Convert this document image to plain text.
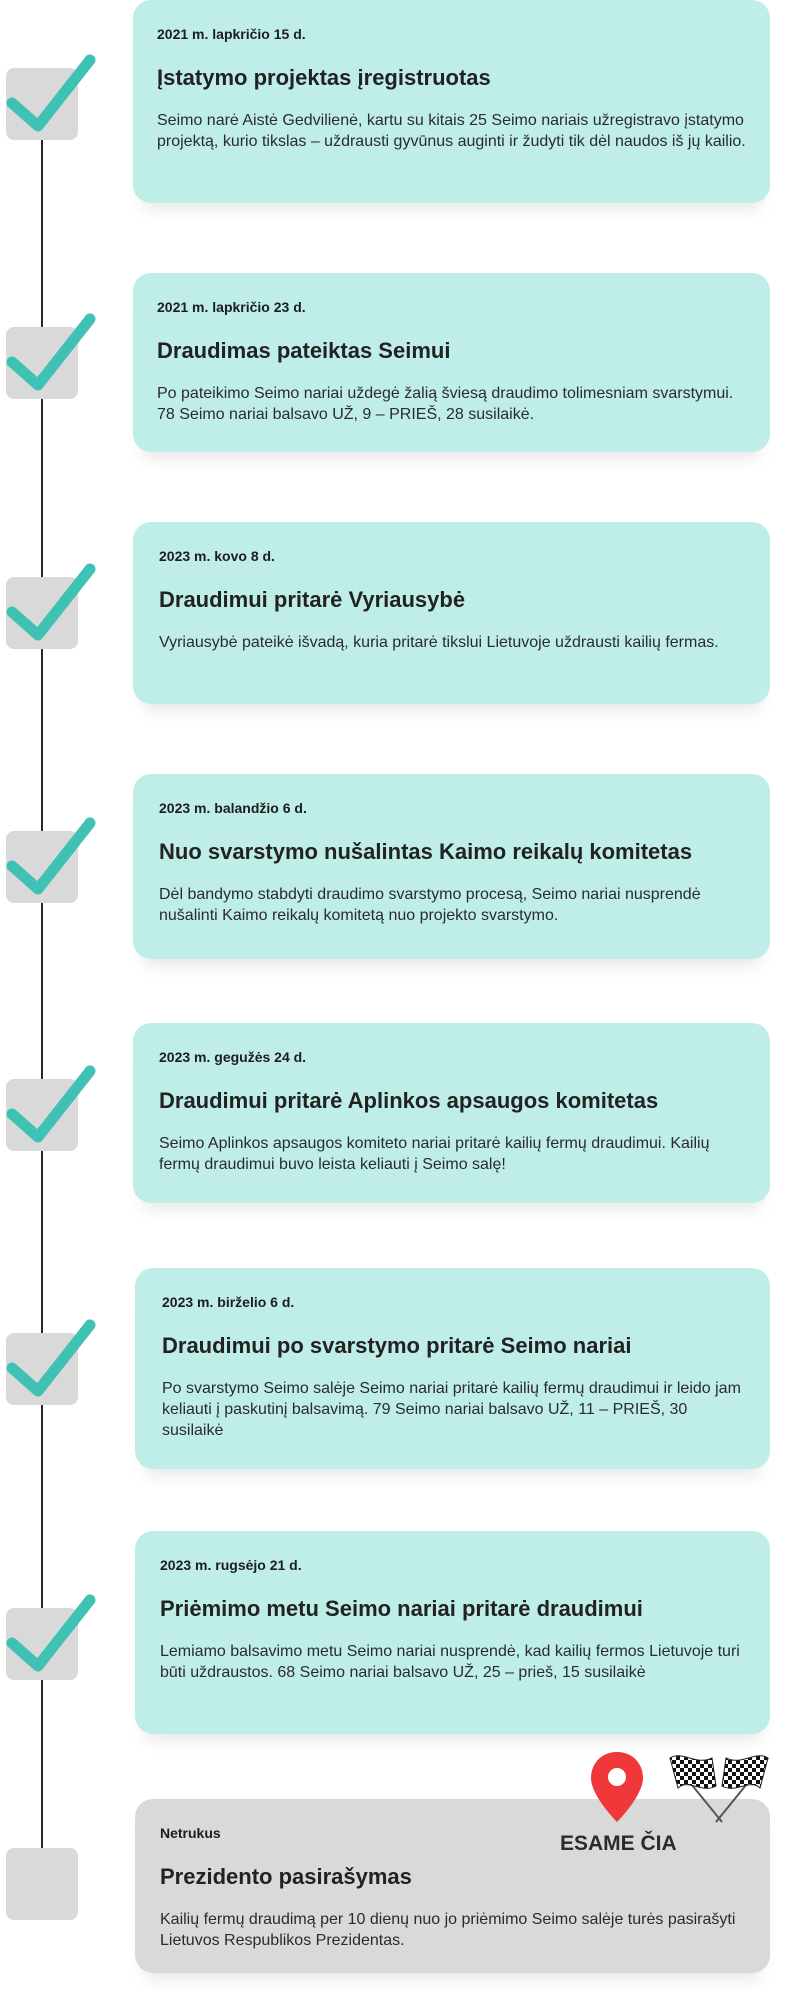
2021 m. lapkričio 15 d.

Įstatymo projektas įregistruotas

Seimo narė Aistė Gedvilienė, kartu su kitais 25 Seimo nariais užregistravo įstatymo projektą, kurio tikslas – uždrausti gyvūnus auginti ir žudyti tik dėl naudos iš jų kailio.

2021 m. lapkričio 23 d.

Draudimas pateiktas Seimui

Po pateikimo Seimo nariai uždegė žalią šviesą draudimo tolimesniam svarstymui. 78 Seimo nariai balsavo UŽ, 9 – PRIEŠ, 28 susilaikė.

2023 m. kovo 8 d.

Draudimui pritarė Vyriausybė

Vyriausybė pateikė išvadą, kuria pritarė tikslui Lietuvoje uždrausti kailių fermas.

2023 m. balandžio 6 d.

Nuo svarstymo nušalintas Kaimo reikalų komitetas

Dėl bandymo stabdyti draudimo svarstymo procesą, Seimo nariai nusprendė nušalinti Kaimo reikalų komitetą nuo projekto svarstymo.

2023 m. gegužės 24 d.

Draudimui pritarė Aplinkos apsaugos komitetas

Seimo Aplinkos apsaugos komiteto nariai pritarė kailių fermų draudimui. Kailių fermų draudimui buvo leista keliauti į Seimo salę!

2023 m. birželio 6 d.

Draudimui po svarstymo pritarė Seimo nariai

Po svarstymo Seimo salėje Seimo nariai pritarė kailių fermų draudimui ir leido jam keliauti į paskutinį balsavimą. 79 Seimo nariai balsavo UŽ, 11 – PRIEŠ, 30 susilaikė

2023 m. rugsėjo 21 d.

Priėmimo metu Seimo nariai pritarė draudimui

Lemiamo balsavimo metu Seimo nariai nusprendė, kad kailių fermos Lietuvoje turi būti uždraustos. 68 Seimo nariai balsavo UŽ, 25 – prieš, 15 susilaikė

Netrukus

Prezidento pasirašymas

Kailių fermų draudimą per 10 dienų nuo jo priėmimo Seimo salėje turės pasirašyti Lietuvos Respublikos Prezidentas.

ESAME ČIA
